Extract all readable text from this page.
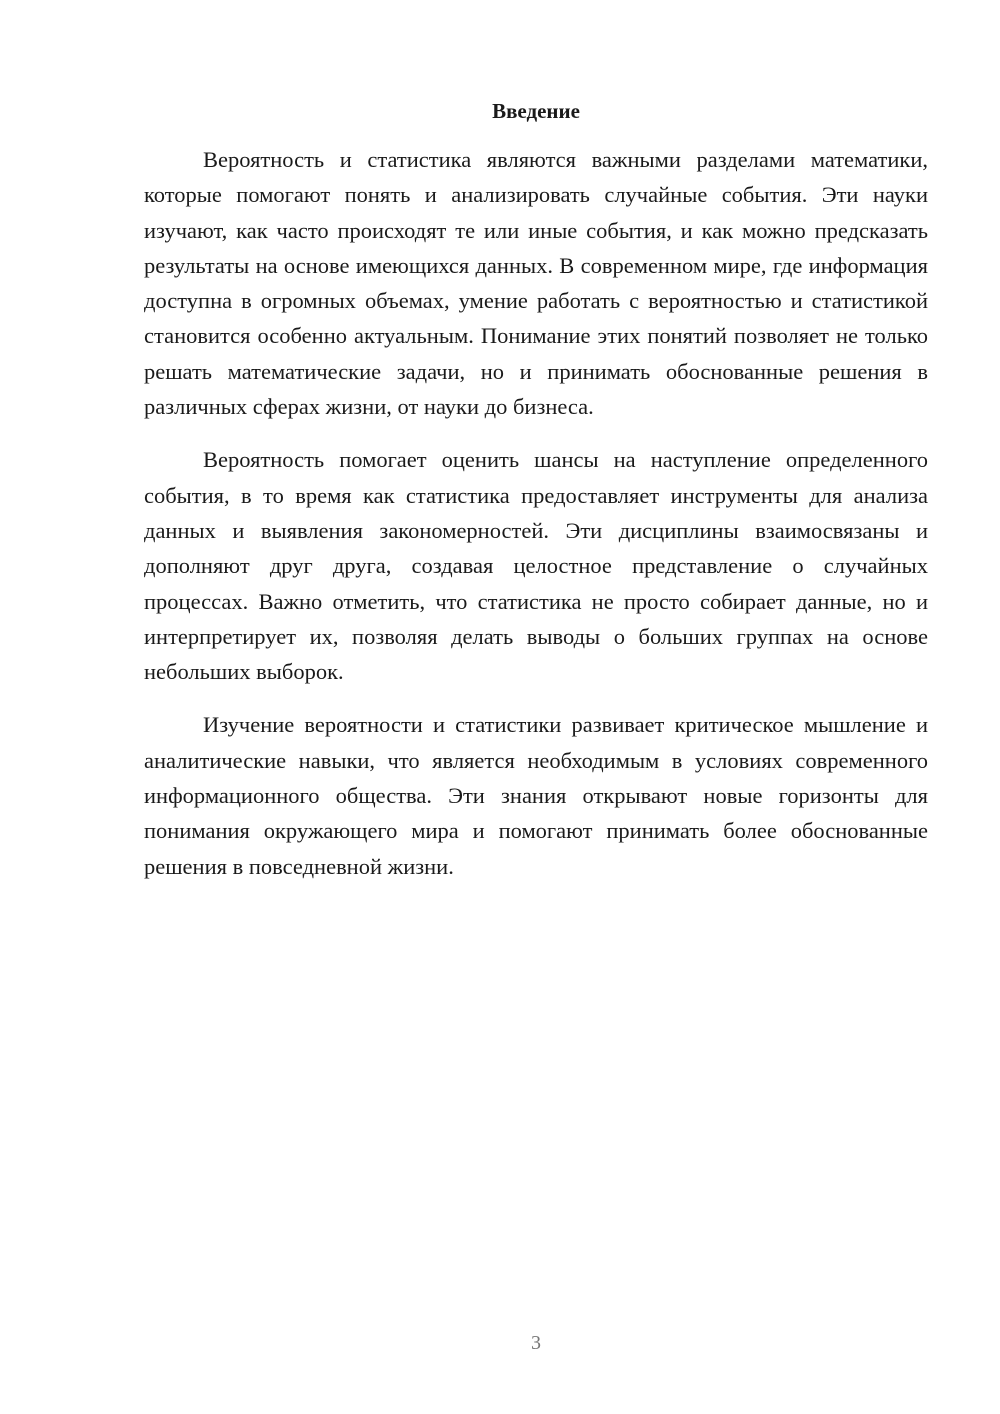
Введение

Вероятность и статистика являются важными разделами математики, которые помогают понять и анализировать случайные события. Эти науки изучают, как часто происходят те или иные события, и как можно предсказать результаты на основе имеющихся данных. В современном мире, где информация доступна в огромных объемах, умение работать с вероятностью и статистикой становится особенно актуальным. Понимание этих понятий позволяет не только решать математические задачи, но и принимать обоснованные решения в различных сферах жизни, от науки до бизнеса.

Вероятность помогает оценить шансы на наступление определенного события, в то время как статистика предоставляет инструменты для анализа данных и выявления закономерностей. Эти дисциплины взаимосвязаны и дополняют друг друга, создавая целостное представление о случайных процессах. Важно отметить, что статистика не просто собирает данные, но и интерпретирует их, позволяя делать выводы о больших группах на основе небольших выборок.

Изучение вероятности и статистики развивает критическое мышление и аналитические навыки, что является необходимым в условиях современного информационного общества. Эти знания открывают новые горизонты для понимания окружающего мира и помогают принимать более обоснованные решения в повседневной жизни.

3
